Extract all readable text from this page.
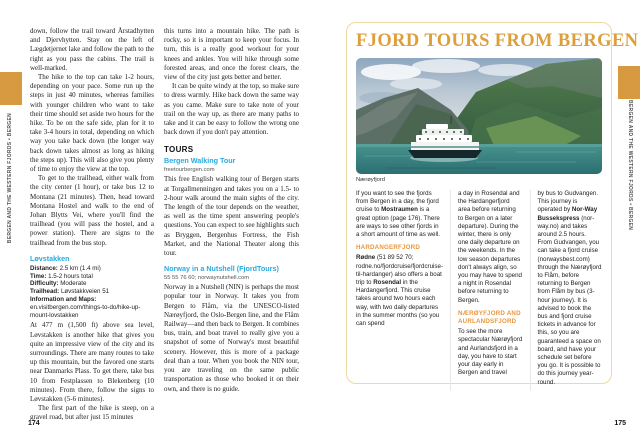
BERGEN AND THE WESTERN FJORDS • BERGEN

down, follow the trail toward Årstadhytten and Djervhytten. Stay on the left of Lægdetjernet lake and follow the path to the right as you pass the cabins. The trail is well-marked.

The hike to the top can take 1-2 hours, depending on your pace. Some run up the steps in just 40 minutes, whereas families with younger children who want to take their time should set aside two hours for the hike. To be on the safe side, plan for it to take 3-4 hours in total, depending on which way you take back down (the longer way back down takes almost as long as hiking the steps up). This will also give you plenty of time to enjoy the view at the top.

To get to the trailhead, either walk from the city center (1 hour), or take bus 12 to Montana (21 minutes). Then, head toward Montana Hostel and walk to the end of Johan Blytts Vei, where you'll find the trailhead (you will pass the hostel, and a power station). There are signs to the trailhead from the bus stop.

Løvstakken
Distance: 2.5 km (1.4 mi)
Time: 1.5-2 hours total
Difficulty: Moderate
Trailhead: Løvstakkveien 51
Information and Maps: en.visitbergen.com/things-to-do/hike-up-mount-lovstakken

At 477 m (1,500 ft) above sea level, Løvstakken is another hike that gives you quite an impressive view of the city and its surroundings. There are many routes to take up this mountain, but the favored one starts near Danmarks Plass. To get there, take bus 10 from Festplassen to Blekenberg (10 minutes). From there, follow the signs to Løvstakken (5-6 minutes).

The first part of the hike is steep, on a gravel road, but after just 15 minutes

this turns into a mountain hike. The path is rocky, so it is important to keep your focus. In turn, this is a really good workout for your knees and ankles. You will hike through some forested areas, and once the forest clears, the view of the city just gets better and better.

It can be quite windy at the top, so make sure to dress warmly. Hike back down the same way as you came. Make sure to take note of your trail on the way up, as there are many paths to take and it can be easy to follow the wrong one back down if you don't pay attention.

TOURS
Bergen Walking Tour
freetourbergen.com

This free English walking tour of Bergen starts at Torgallmenningen and takes you on a 1.5- to 2-hour walk around the main sights of the city. The length of the tour depends on the weather, as well as the time spent answering people's questions. You can expect to see highlights such as Bryggen, Bergenhus Fortress, the Fish Market, and the National Theater along this tour.

Norway in a Nutshell (FjordTours)
55 55 76 60; norwaynutshell.com

Norway in a Nutshell (NIN) is perhaps the most popular tour in Norway. It takes you from Bergen to Flåm, via the UNESCO-listed Nærøyfjord, the Oslo-Bergen line, and the Flåm Railway—and then back to Bergen. It combines bus, train, and boat travel to really give you a snapshot of some of Norway's most beautiful scenery. However, this is more of a package deal than a tour. When you book the NIN tour, you are traveling on the same public transportation as those who booked it on their own, and there is no guide.

174
FJORD TOURS FROM BERGEN
Nærøyfjord

If you want to see the fjords from Bergen in a day, the fjord cruise to Mostraumen is a great option (page 176). There are ways to see other fjords in a short amount of time as well.

HARDANGERFJORD

Rødne (51 89 52 70; rodne.no/fjordcruise/fjordcruise-til-hardanger) also offers a boat trip to Rosendal in the Hardangerfjord. This cruise takes around two hours each way, with two daily departures in the summer months (so you can spend

a day in Rosendal and the Hardangerfjord area before returning to Bergen on a later departure). During the winter, there is only one daily departure on the weekends. In the low season departures don't always align, so you may have to spend a night in Rosendal before returning to Bergen.

NÆRØYFJORD AND AURLANDSFJORD

To see the more spectacular Nærøyfjord and Aurlandsfjord in a day, you have to start your day early in Bergen and travel

by bus to Gudvangen. This journey is operated by Nor-Way Bussekspress (nor-way.no) and takes around 2.5 hours. From Gudvangen, you can take a fjord cruise (norwaysbest.com) through the Nærøyfjord to Flåm, before returning to Bergen from Flåm by bus (3-hour journey). It is advised to book the bus and fjord cruise tickets in advance for this, so you are guaranteed a space on board, and have your schedule set before you go. It is possible to do this journey year-round.

175
BERGEN AND THE WESTERN FJORDS • BERGEN
